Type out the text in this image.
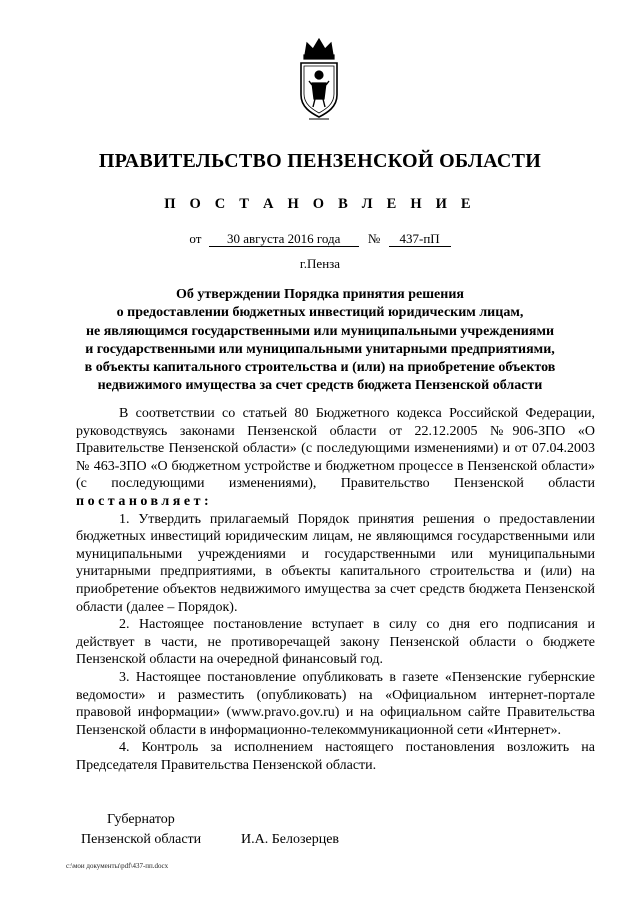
ПРАВИТЕЛЬСТВО ПЕНЗЕНСКОЙ ОБЛАСТИ
П О С Т А Н О В Л Е Н И Е
от 30 августа 2016 года № 437-пП
г.Пенза
Об утверждении Порядка принятия решения
о предоставлении бюджетных инвестиций юридическим лицам,
не являющимся государственными или муниципальными учреждениями
и государственными или муниципальными унитарными предприятиями,
в объекты капитального строительства и (или) на приобретение объектов
недвижимого имущества за счет средств бюджета Пензенской области

В соответствии со статьей 80 Бюджетного кодекса Российской Федерации, руководствуясь законами Пензенской области от 22.12.2005 №906-ЗПО «О Правительстве Пензенской области» (с последующими изменениями) и от 07.04.2003 № 463-ЗПО «О бюджетном устройстве и бюджетном процессе в Пензенской области» (с последующими изменениями), Правительство Пензенской области постановляет:

1. Утвердить прилагаемый Порядок принятия решения о предоставлении бюджетных инвестиций юридическим лицам, не являющимся государственными или муниципальными учреждениями и государственными или муниципальными унитарными предприятиями, в объекты капитального строительства и (или) на приобретение объектов недвижимого имущества за счет средств бюджета Пензенской области (далее – Порядок).

2. Настоящее постановление вступает в силу со дня его подписания и действует в части, не противоречащей закону Пензенской области о бюджете Пензенской области на очередной финансовый год.

3. Настоящее постановление опубликовать в газете «Пензенские губернские ведомости» и разместить (опубликовать) на «Официальном интернет-портале правовой информации» (www.pravo.gov.ru) и на официальном сайте Правительства Пензенской области в информационно-телекоммуникационной сети «Интернет».

4. Контроль за исполнением настоящего постановления возложить на Председателя Правительства Пензенской области.

Губернатор
Пензенской области	И.А. Белозерцев
c:\мои документы\pdf\437-пп.docx
